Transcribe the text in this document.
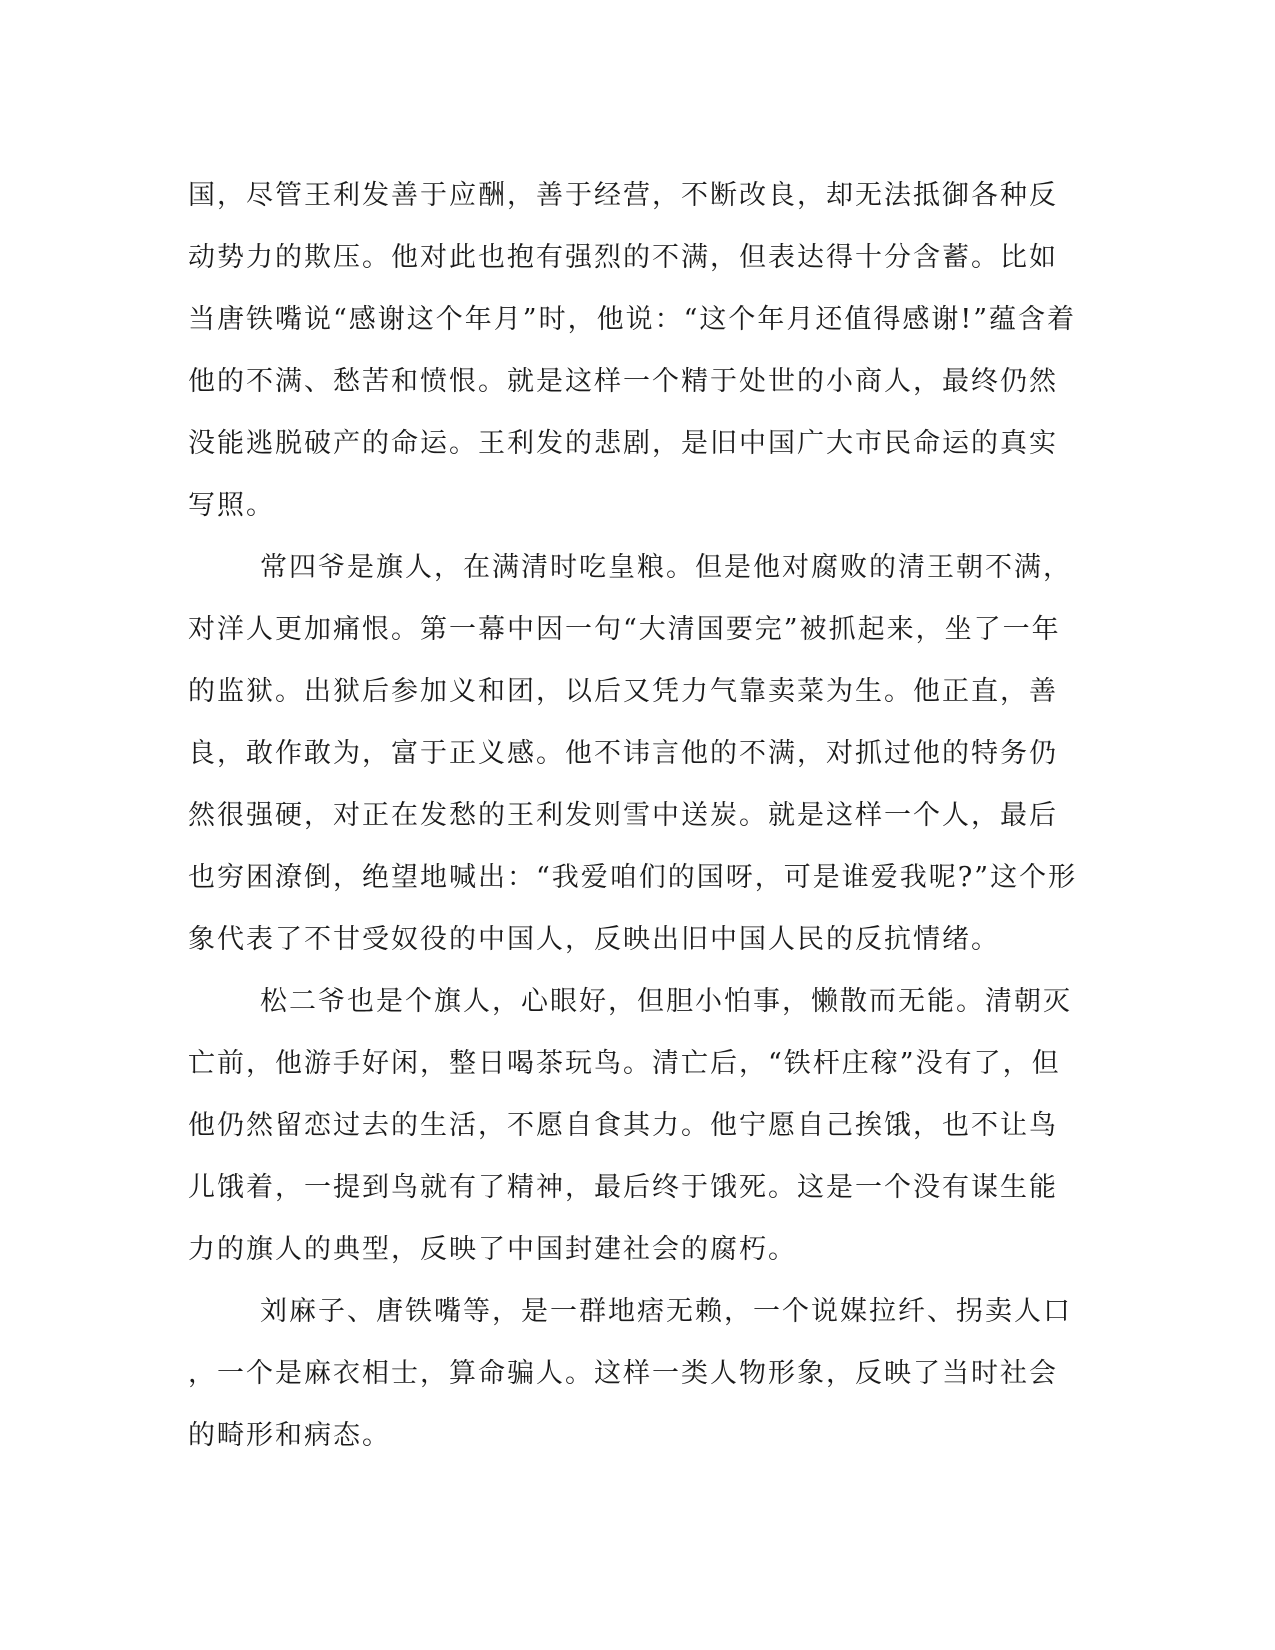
国，尽管王利发善于应酬，善于经营，不断改良，却无法抵御各种反
动势力的欺压。他对此也抱有强烈的不满，但表达得十分含蓄。比如
当唐铁嘴说“感谢这个年月”时，他说：“这个年月还值得感谢!”蕴含着
他的不满、愁苦和愤恨。就是这样一个精于处世的小商人，最终仍然
没能逃脱破产的命运。王利发的悲剧，是旧中国广大市民命运的真实
写照。
常四爷是旗人，在满清时吃皇粮。但是他对腐败的清王朝不满，
对洋人更加痛恨。第一幕中因一句“大清国要完”被抓起来，坐了一年
的监狱。出狱后参加义和团，以后又凭力气靠卖菜为生。他正直，善
良，敢作敢为，富于正义感。他不讳言他的不满，对抓过他的特务仍
然很强硬，对正在发愁的王利发则雪中送炭。就是这样一个人，最后
也穷困潦倒，绝望地喊出：“我爱咱们的国呀，可是谁爱我呢?”这个形
象代表了不甘受奴役的中国人，反映出旧中国人民的反抗情绪。
松二爷也是个旗人，心眼好，但胆小怕事，懒散而无能。清朝灭
亡前，他游手好闲，整日喝茶玩鸟。清亡后，“铁杆庄稼”没有了，但
他仍然留恋过去的生活，不愿自食其力。他宁愿自己挨饿，也不让鸟
儿饿着，一提到鸟就有了精神，最后终于饿死。这是一个没有谋生能
力的旗人的典型，反映了中国封建社会的腐朽。
刘麻子、唐铁嘴等，是一群地痞无赖，一个说媒拉纤、拐卖人口
，一个是麻衣相士，算命骗人。这样一类人物形象，反映了当时社会
的畸形和病态。
